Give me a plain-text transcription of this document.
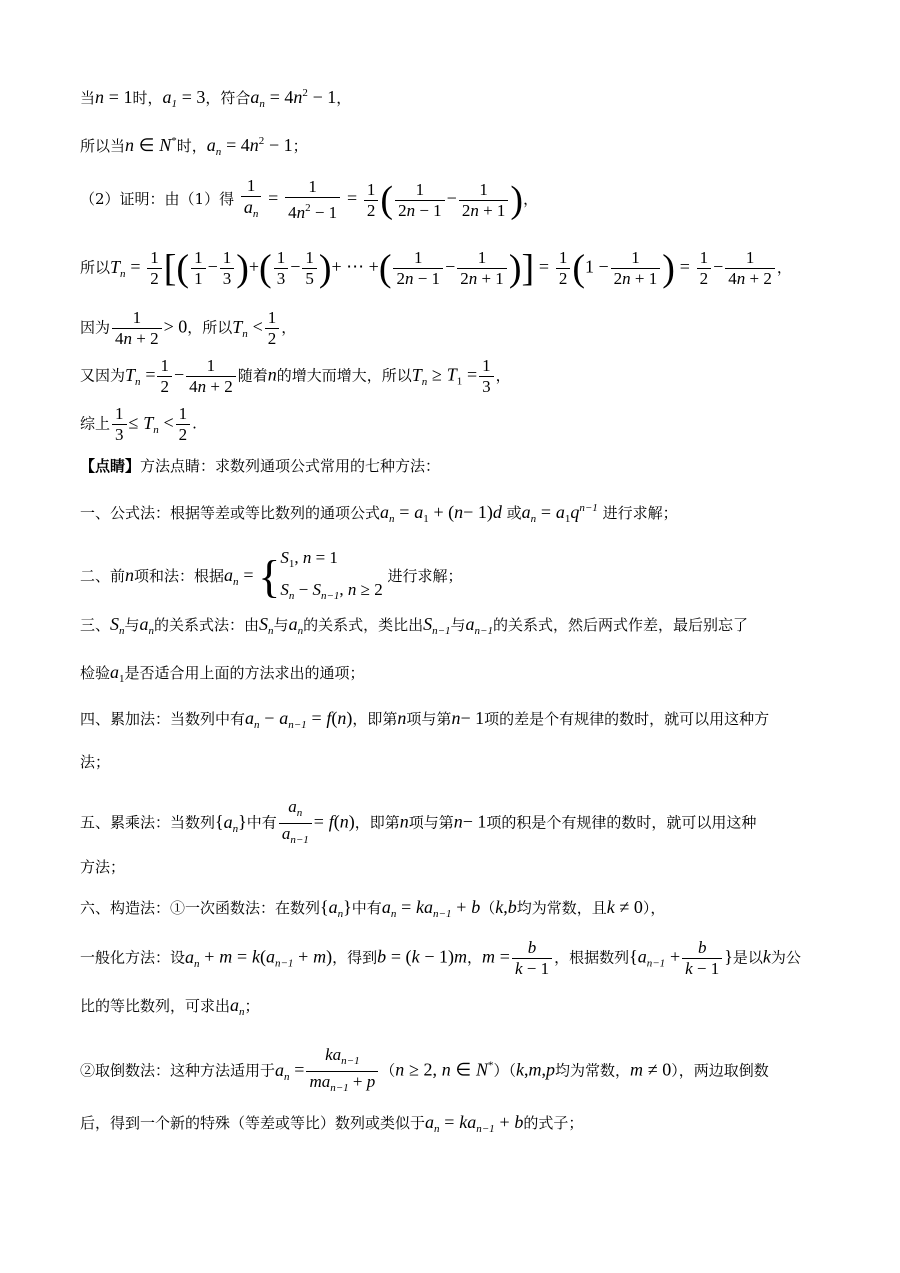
当n = 1时，$a_1 = 3$，符合$a_n = 4n^2 - 1$，
所以当n ∈ N*时，$a_n = 4n^2 - 1$；
（2）证明：由（1）得 $\frac{1}{a_n} = \frac{1}{4n^2 - 1} = \frac{1}{2}$ ( $\frac{1}{2n - 1} - \frac{1}{2n + 1}$ )，
所以$T_n = \frac{1}{2}$ [( $\frac{1}{1} - \frac{1}{3}$ )+( $\frac{1}{3} - \frac{1}{5}$ )+ ⋯ +( $\frac{1}{2n - 1} - \frac{1}{2n + 1}$ )] = $\frac{1}{2} (1 - \frac{1}{2n + 1}$ ) = $\frac{1}{2} - \frac{1}{4n + 2}$ ，
因为 $\frac{1}{4n + 2} > 0$，所以$T_n < \frac{1}{2}$ ，
又因为$T_n = \frac{1}{2} - \frac{1}{4n + 2}$ 随着n的增大而增大，所以$T_n \ge T_1 = \frac{1}{3}$ ，
综上 $\frac{1}{3} \le T_n < \frac{1}{2}$ .
【点睛】方法点睛：求数列通项公式常用的七种方法：
一、公式法：根据等差或等比数列的通项公式$a_n = a_1 + (n- 1)d$ 或$a_n = a_1q^{n-1}$ 进行求解；
二、前n项和法：根据$a_n$ = { $S_1$, n = 1
$S_n - S_{n-1}$, n ≥ 2
进行求解；
三、$S_n$与$a_n$的关系式法：由$S_n$与$a_n$的关系式，类比出$S_{n-1}$与$a_{n-1}$的关系式，然后两式作差，最后别忘了
检验$a_1$是否适合用上面的方法求出的通项；
四、累加法：当数列中有$a_n - a_{n-1} = f(n)$，即第n项与第n− 1项的差是个有规律的数时，就可以用这种方
法；
五、累乘法：当数列$\{a_n\}$中有 $\frac{a_n}{a_{n-1}} = f(n)$，即第n项与第n− 1项的积是个有规律的数时，就可以用这种
方法；
六、构造法：①一次函数法：在数列$\{a_n\}$中有$a_n = ka_{n-1} + b(k,b$均为常数，且k ≠ 0），
一般化方法：设$a_n + m = k(a_{n-1} + m)$，得到b = (k − 1)m，$m = \frac{b}{k - 1}$ ，根据数列{$a_{n-1} + \frac{b}{k - 1}$ }是以k为公
比的等比数列，可求出$a_n$；
②取倒数法：这种方法适用于$a_n = \frac{ka_{n-1}}{ma_{n-1} + p} (n \ge 2$, n ∈ N*）（k,m,p均为常数，m ≠ 0），两边取倒数
后，得到一个新的特殊（等差或等比）数列或类似于$a_n = ka_{n-1} + b$的式子；
